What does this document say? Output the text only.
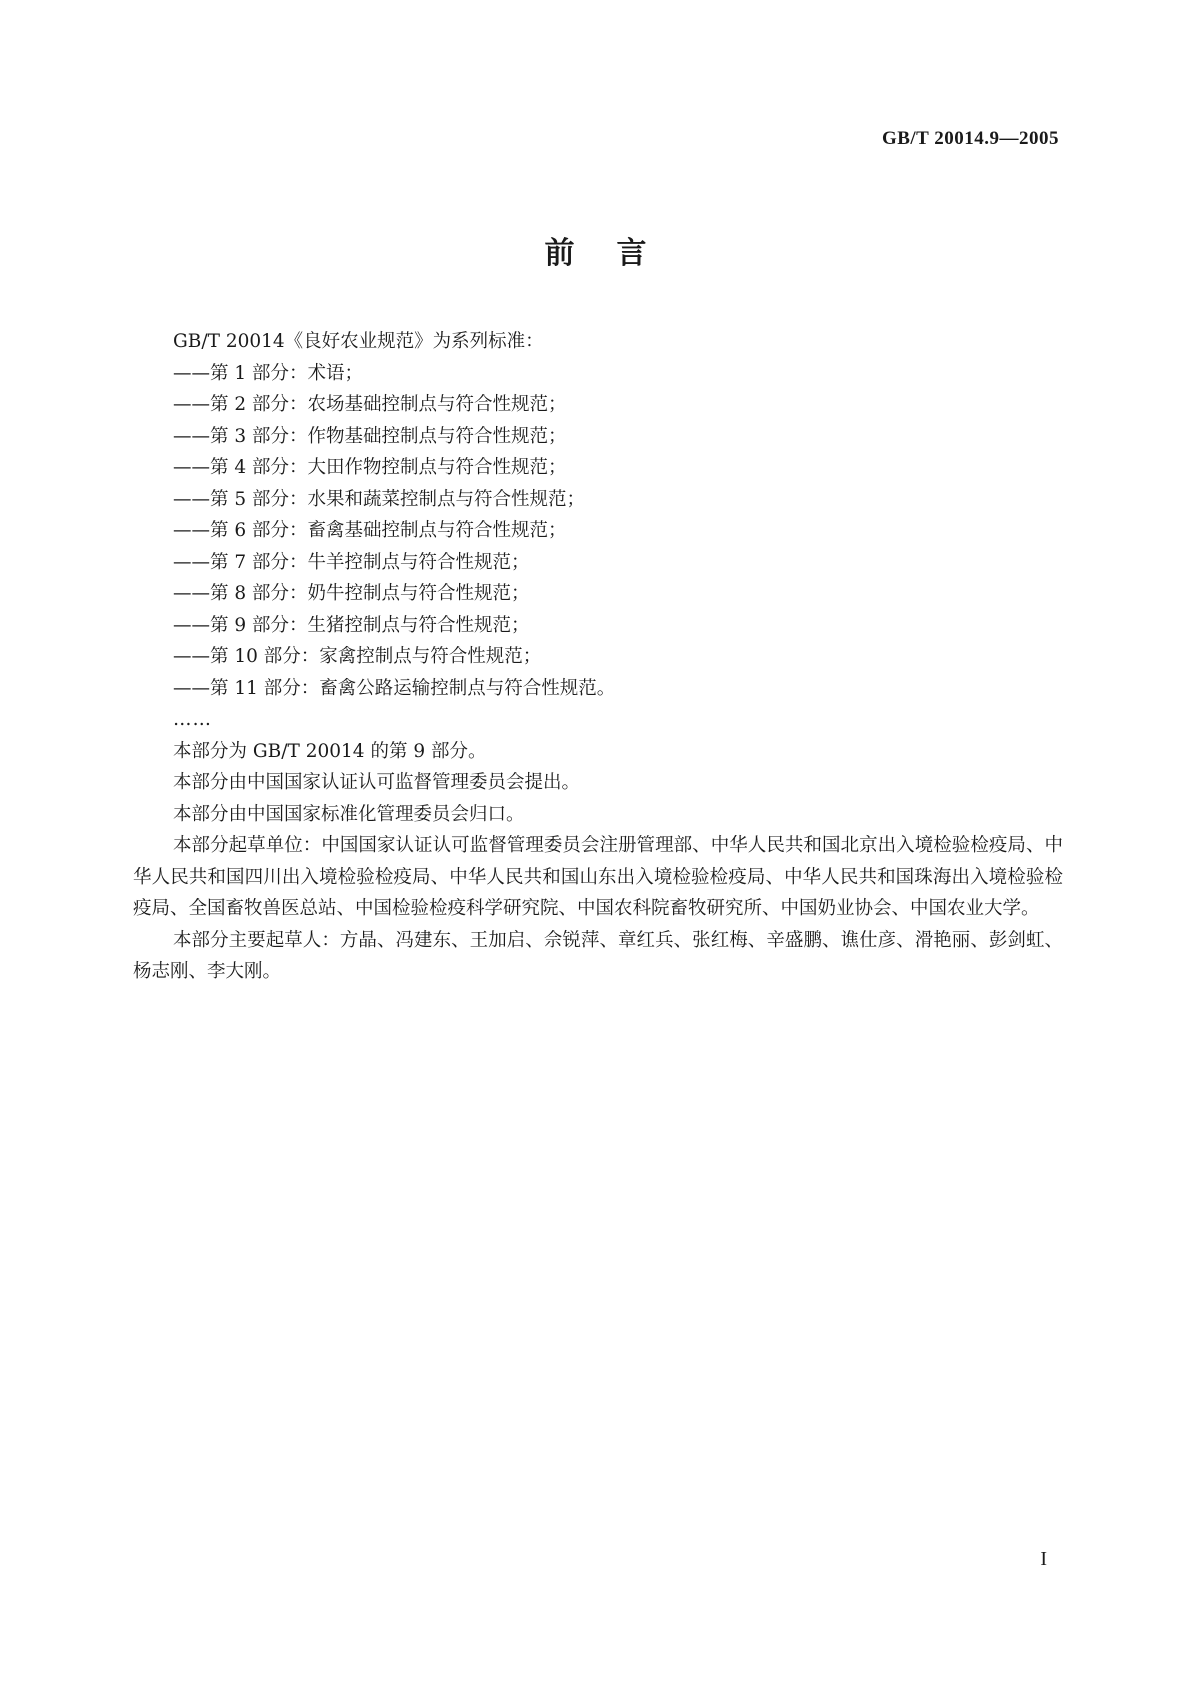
GB/T 20014.9—2005
前言

GB/T 20014《良好农业规范》为系列标准：

——第 1 部分：术语；

——第 2 部分：农场基础控制点与符合性规范；

——第 3 部分：作物基础控制点与符合性规范；

——第 4 部分：大田作物控制点与符合性规范；

——第 5 部分：水果和蔬菜控制点与符合性规范；

——第 6 部分：畜禽基础控制点与符合性规范；

——第 7 部分：牛羊控制点与符合性规范；

——第 8 部分：奶牛控制点与符合性规范；

——第 9 部分：生猪控制点与符合性规范；

——第 10 部分：家禽控制点与符合性规范；

——第 11 部分：畜禽公路运输控制点与符合性规范。

……

本部分为 GB/T 20014 的第 9 部分。

本部分由中国国家认证认可监督管理委员会提出。

本部分由中国国家标准化管理委员会归口。

本部分起草单位：中国国家认证认可监督管理委员会注册管理部、中华人民共和国北京出入境检验检疫局、中华人民共和国四川出入境检验检疫局、中华人民共和国山东出入境检验检疫局、中华人民共和国珠海出入境检验检疫局、全国畜牧兽医总站、中国检验检疫科学研究院、中国农科院畜牧研究所、中国奶业协会、中国农业大学。

本部分主要起草人：方晶、冯建东、王加启、佘锐萍、章红兵、张红梅、辛盛鹏、谯仕彦、滑艳丽、彭剑虹、杨志刚、李大刚。

I
